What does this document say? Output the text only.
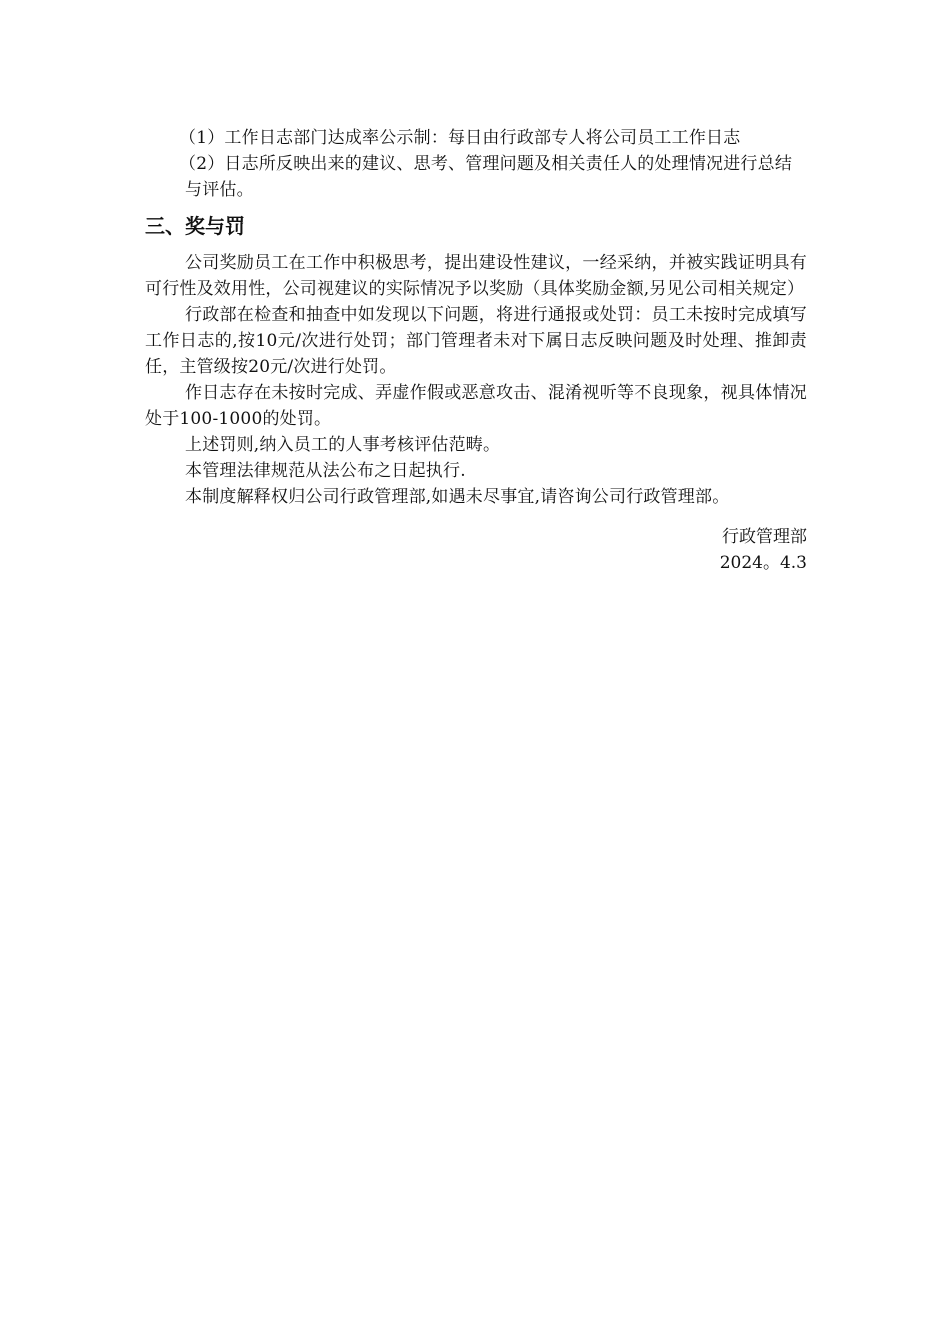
（1）工作日志部门达成率公示制：每日由行政部专人将公司员工工作日志

（2）日志所反映出来的建议、思考、管理问题及相关责任人的处理情况进行总结与评估。

三、奖与罚

公司奖励员工在工作中积极思考，提出建设性建议，一经采纳，并被实践证明具有可行性及效用性，公司视建议的实际情况予以奖励（具体奖励金额,另见公司相关规定）

行政部在检查和抽查中如发现以下问题，将进行通报或处罚：员工未按时完成填写工作日志的,按10元/次进行处罚；部门管理者未对下属日志反映问题及时处理、推卸责任，主管级按20元/次进行处罚。

作日志存在未按时完成、弄虚作假或恶意攻击、混淆视听等不良现象，视具体情况处于100-1000的处罚。

上述罚则,纳入员工的人事考核评估范畴。

本管理法律规范从法公布之日起执行.

本制度解释权归公司行政管理部,如遇未尽事宜,请咨询公司行政管理部。

行政管理部
2024。4.3
